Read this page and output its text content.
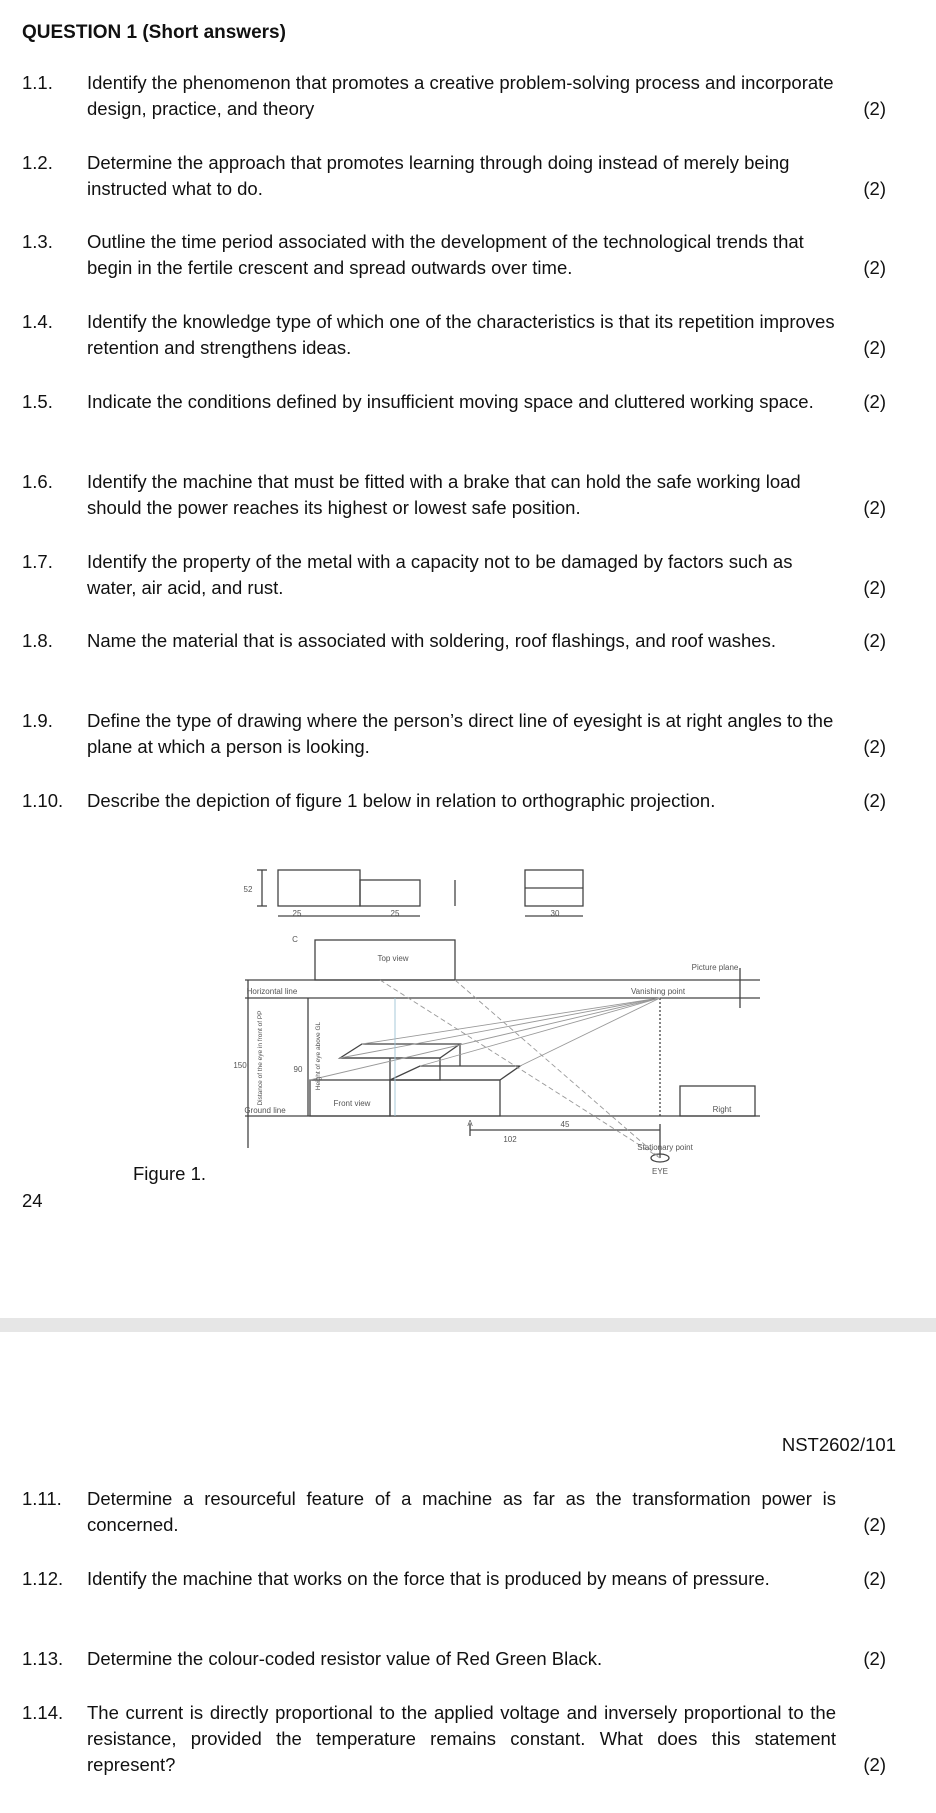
QUESTION 1 (Short answers)
1.1. Identify the phenomenon that promotes a creative problem-solving process and incorporate design, practice, and theory	(2)
1.2. Determine the approach that promotes learning through doing instead of merely being instructed what to do.	(2)
1.3. Outline the time period associated with the development of the technological trends that begin in the fertile crescent and spread outwards over time.	(2)
1.4. Identify the knowledge type of which one of the characteristics is that its repetition improves retention and strengthens ideas.	(2)
1.5. Indicate the conditions defined by insufficient moving space and cluttered working space.	(2)
1.6. Identify the machine that must be fitted with a brake that can hold the safe working load should the power reaches its highest or lowest safe position.	(2)
1.7. Identify the property of the metal with a capacity not to be damaged by factors such as water, air acid, and rust.	(2)
1.8. Name the material that is associated with soldering, roof flashings, and roof washes.	(2)
1.9. Define the type of drawing where the person’s direct line of eyesight is at right angles to the plane at which a person is looking.	(2)
1.10. Describe the depiction of figure 1 below in relation to orthographic projection.	(2)
25	25	30
52
C
Top view
Picture plane
Horizontal line	Vanishing point
Ground line
Front view
Right
102
45
A
Stationary point
EYE
150	90
Distance of the eye in front of PP	Height of eye above GL
Figure 1.
24
NST2602/101
1.11. Determine a resourceful feature of a machine as far as the transformation power is concerned.	(2)
1.12. Identify the machine that works on the force that is produced by means of pressure.	(2)
1.13. Determine the colour-coded resistor value of Red Green Black.	(2)
1.14. The current is directly proportional to the applied voltage and inversely proportional to the resistance, provided the temperature remains constant. What does this statement represent?	(2)
